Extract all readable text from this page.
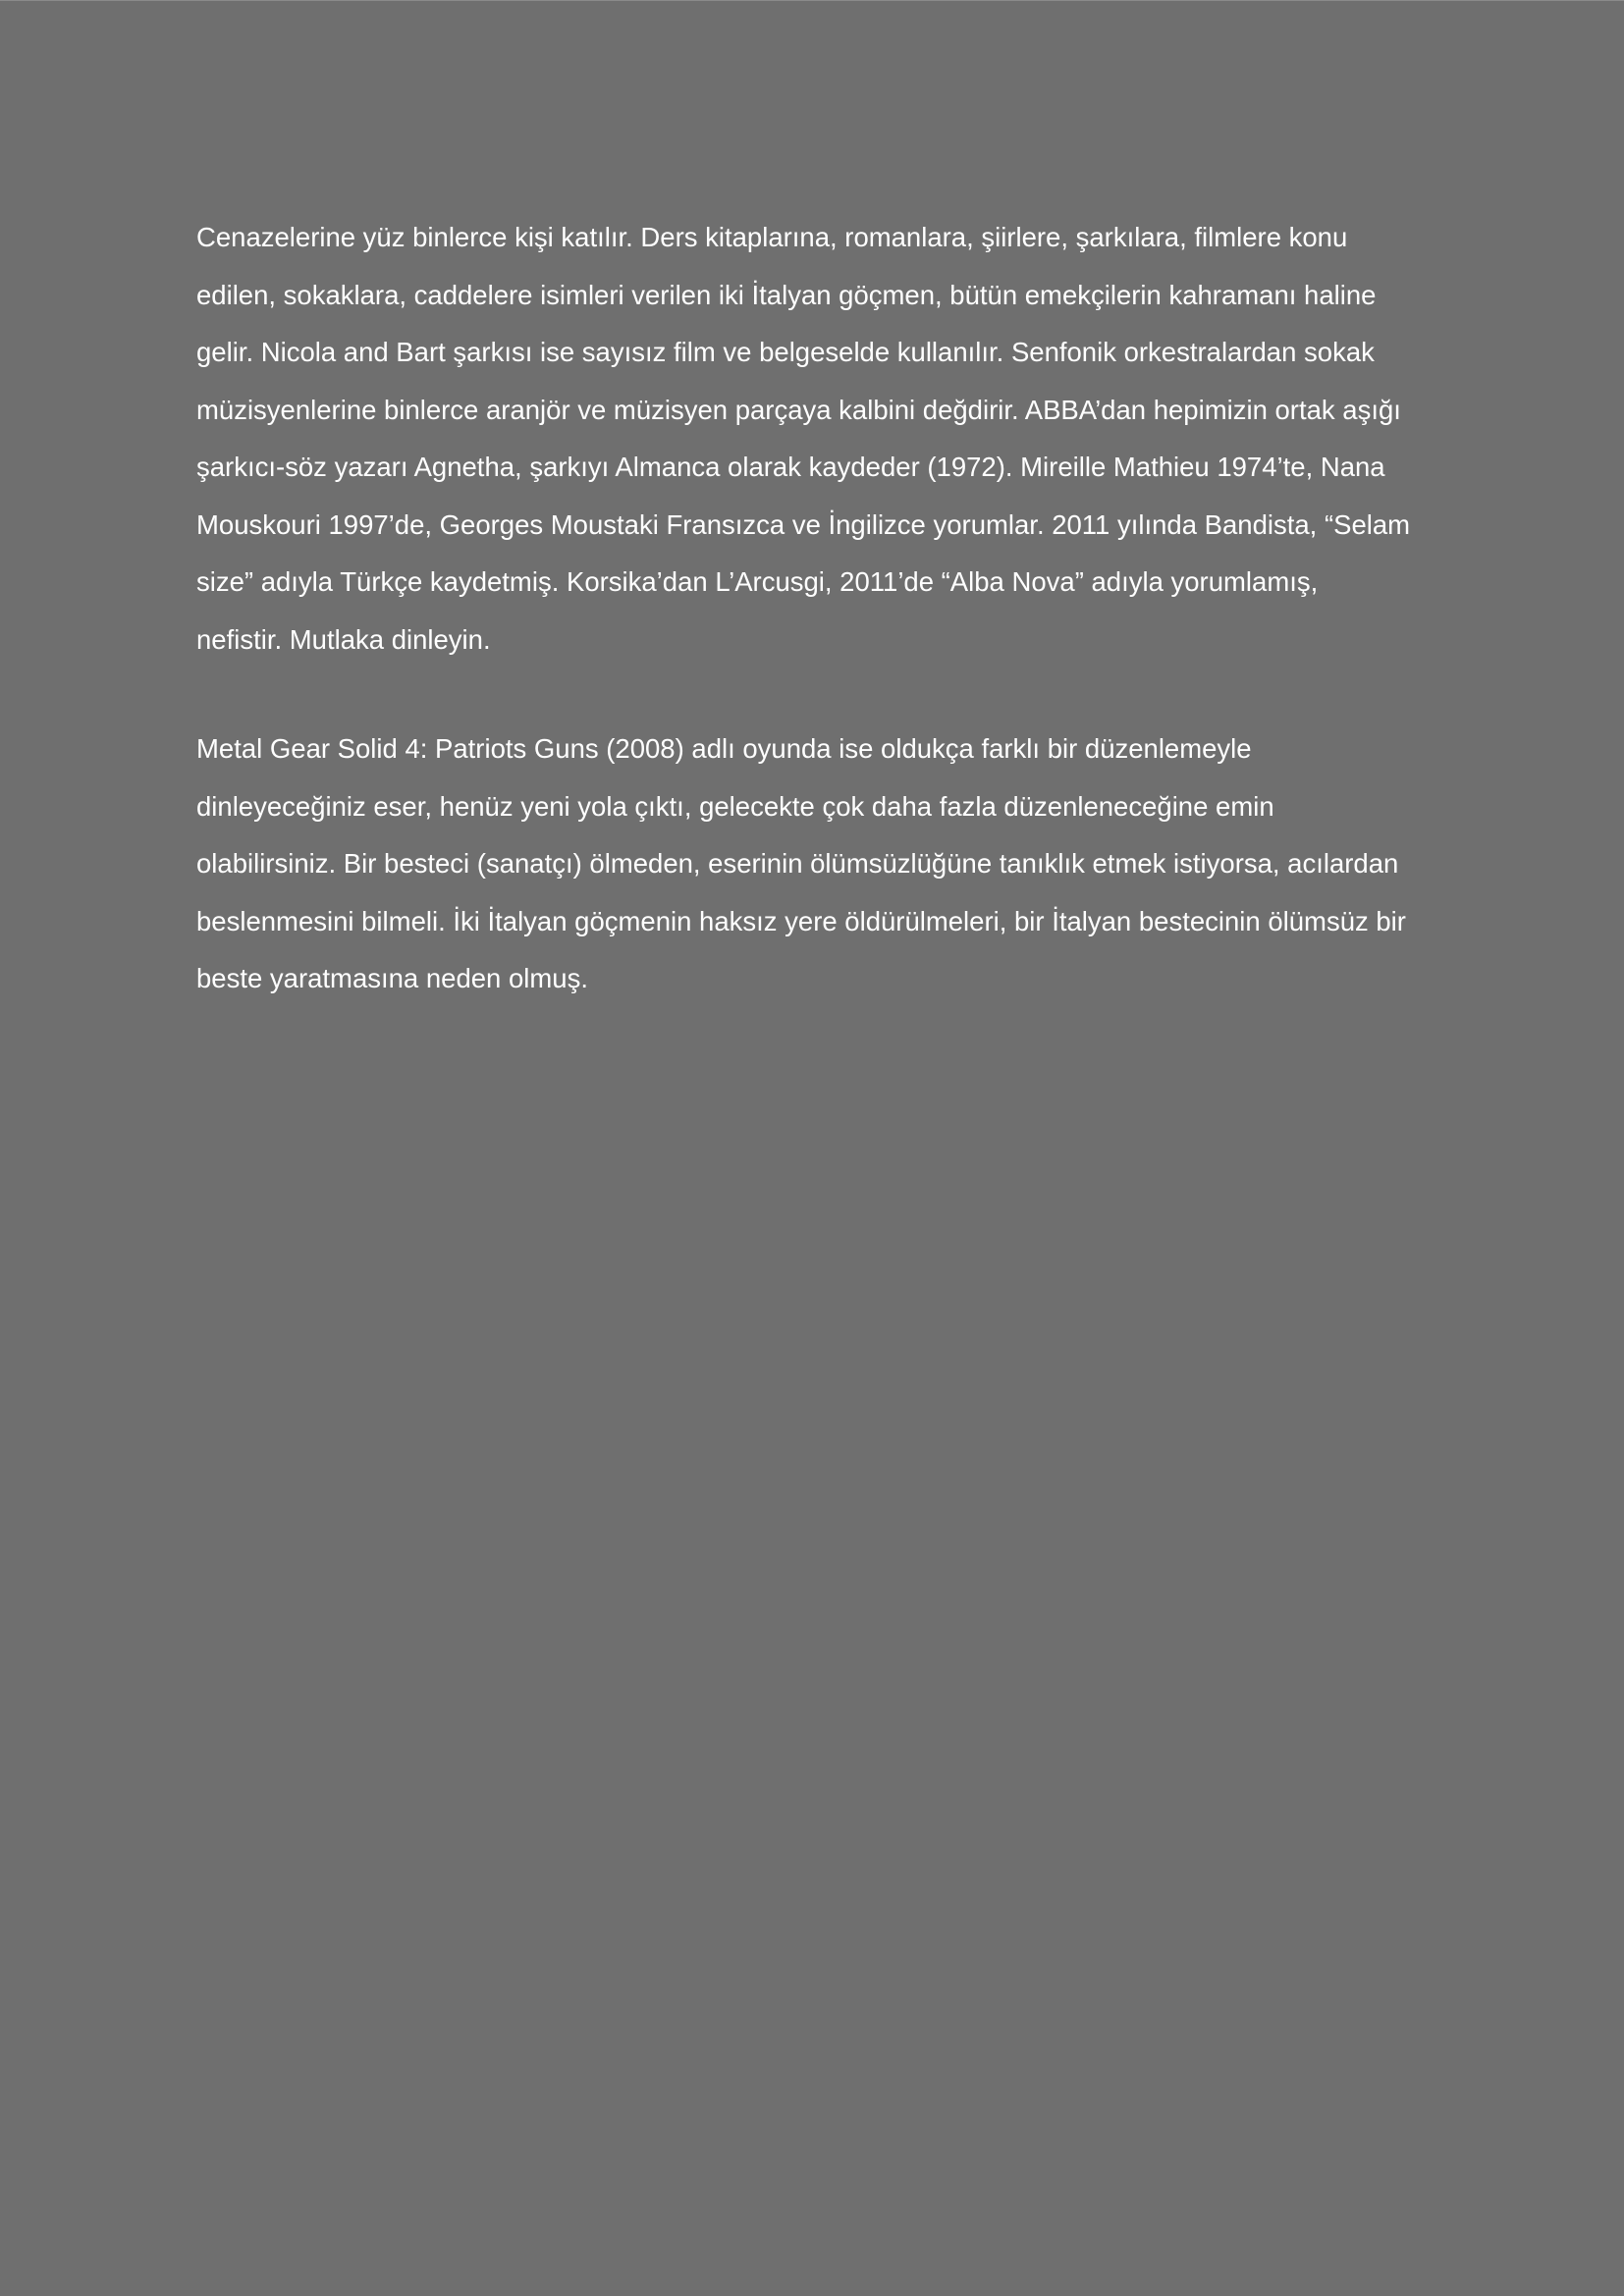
Cenazelerine yüz binlerce kişi katılır. Ders kitaplarına, romanlara, şiirlere, şarkılara, filmlere konu
edilen, sokaklara, caddelere isimleri verilen iki İtalyan göçmen, bütün emekçilerin kahramanı haline
gelir. Nicola and Bart şarkısı ise sayısız film ve belgeselde kullanılır. Senfonik orkestralardan sokak
müzisyenlerine binlerce aranjör ve müzisyen parçaya kalbini değdirir. ABBA’dan hepimizin ortak aşığı
şarkıcı-söz yazarı Agnetha, şarkıyı Almanca olarak kaydeder (1972). Mireille Mathieu 1974’te, Nana
Mouskouri 1997’de, Georges Moustaki Fransızca ve İngilizce yorumlar. 2011 yılında Bandista, “Selam
size” adıyla Türkçe kaydetmiş. Korsika’dan L’Arcusgi, 2011’de “Alba Nova” adıyla yorumlamış,
nefistir. Mutlaka dinleyin.
Metal Gear Solid 4: Patriots Guns (2008) adlı oyunda ise oldukça farklı bir düzenlemeyle
dinleyeceğiniz eser, henüz yeni yola çıktı, gelecekte çok daha fazla düzenleneceğine emin
olabilirsiniz. Bir besteci (sanatçı) ölmeden, eserinin ölümsüzlüğüne tanıklık etmek istiyorsa, acılardan
beslenmesini bilmeli. İki İtalyan göçmenin haksız yere öldürülmeleri, bir İtalyan bestecinin ölümsüz bir
beste yaratmasına neden olmuş.
